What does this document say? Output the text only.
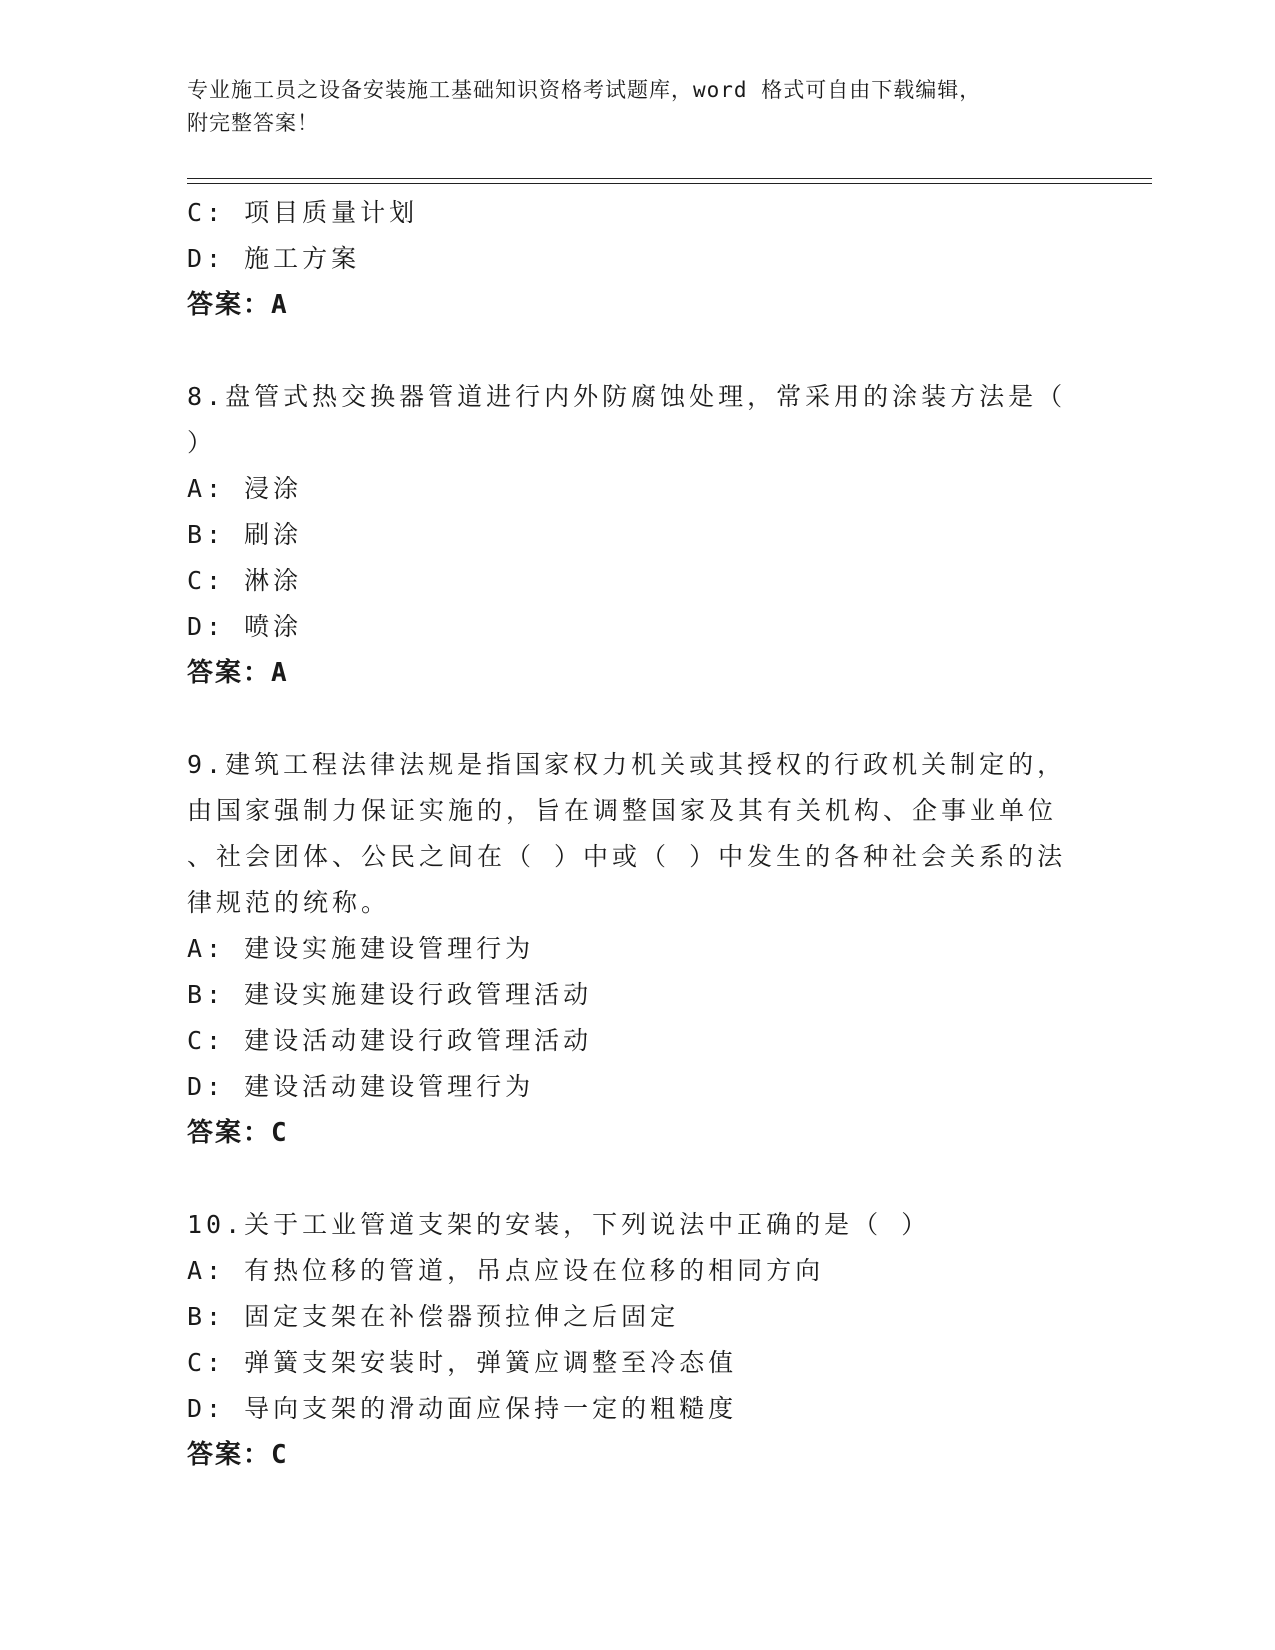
专业施工员之设备安装施工基础知识资格考试题库，word 格式可自由下载编辑，
附完整答案！
C: 项目质量计划
D: 施工方案
答案：A
8.盘管式热交换器管道进行内外防腐蚀处理，常采用的涂装方法是（
）
A: 浸涂
B: 刷涂
C: 淋涂
D: 喷涂
答案：A
9.建筑工程法律法规是指国家权力机关或其授权的行政机关制定的，
由国家强制力保证实施的，旨在调整国家及其有关机构、企事业单位
、社会团体、公民之间在（ ）中或（ ）中发生的各种社会关系的法
律规范的统称。
A: 建设实施建设管理行为
B: 建设实施建设行政管理活动
C: 建设活动建设行政管理活动
D: 建设活动建设管理行为
答案：C
10.关于工业管道支架的安装，下列说法中正确的是（ ）
A: 有热位移的管道，吊点应设在位移的相同方向
B: 固定支架在补偿器预拉伸之后固定
C: 弹簧支架安装时，弹簧应调整至冷态值
D: 导向支架的滑动面应保持一定的粗糙度
答案：C
